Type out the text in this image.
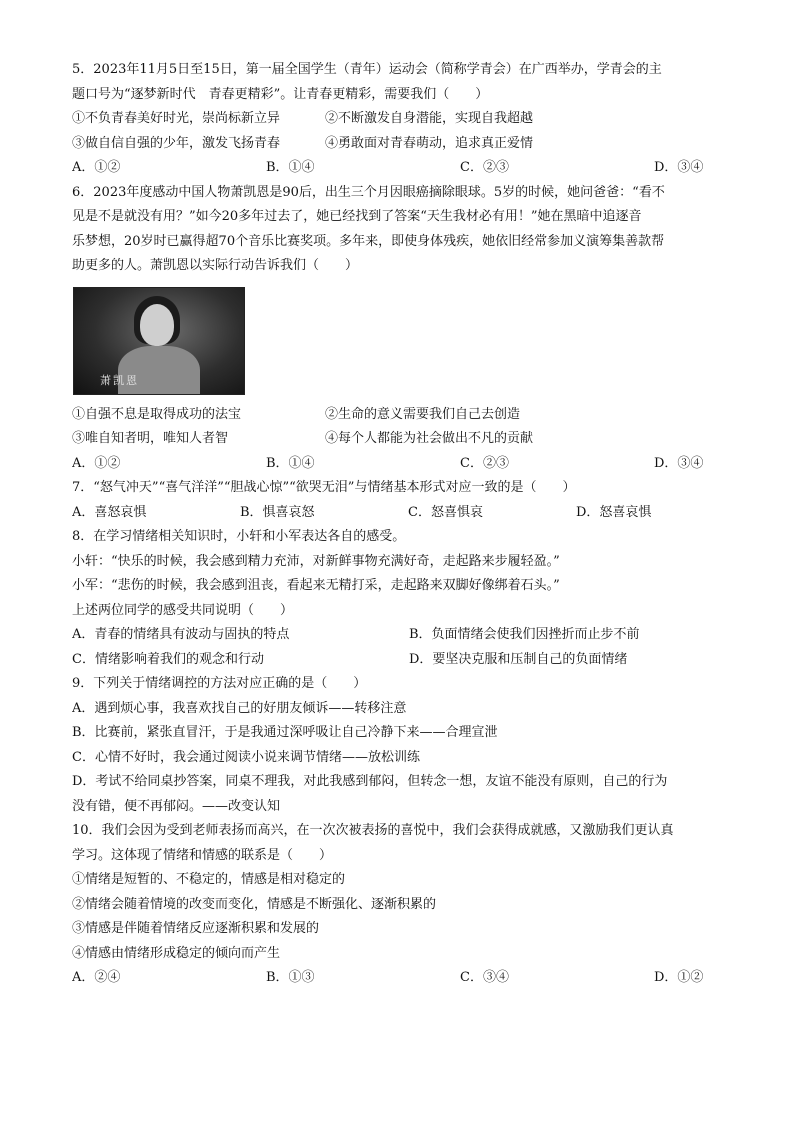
5．2023年11月5日至15日，第一届全国学生（青年）运动会（简称学青会）在广西举办，学青会的主
题口号为“逐梦新时代　青春更精彩”。让青春更精彩，需要我们（　　）
①不负青春美好时光，崇尚标新立异	②不断激发自身潜能，实现自我超越
③做自信自强的少年，激发飞扬青春	④勇敢面对青春萌动，追求真正爱情
A．①②	B．①④	C．②③	D．③④
6．2023年度感动中国人物萧凯恩是90后，出生三个月因眼癌摘除眼球。5岁的时候，她问爸爸：“看不
见是不是就没有用？”如今20多年过去了，她已经找到了答案“天生我材必有用！”她在黑暗中追逐音
乐梦想，20岁时已赢得超70个音乐比赛奖项。多年来，即使身体残疾，她依旧经常参加义演筹集善款帮
助更多的人。萧凯恩以实际行动告诉我们（　　）
萧凯恩
①自强不息是取得成功的法宝	②生命的意义需要我们自己去创造
③唯自知者明，唯知人者智	④每个人都能为社会做出不凡的贡献
A．①②	B．①④	C．②③	D．③④
7．“怒气冲天”“喜气洋洋”“胆战心惊”“欲哭无泪”与情绪基本形式对应一致的是（　　）
A．喜怒哀惧	B．惧喜哀怒	C．怒喜惧哀	D．怒喜哀惧
8．在学习情绪相关知识时，小轩和小军表达各自的感受。
小轩：“快乐的时候，我会感到精力充沛，对新鲜事物充满好奇，走起路来步履轻盈。”
小军：“悲伤的时候，我会感到沮丧，看起来无精打采，走起路来双脚好像绑着石头。”
上述两位同学的感受共同说明（　　）
A．青春的情绪具有波动与固执的特点	B．负面情绪会使我们因挫折而止步不前
C．情绪影响着我们的观念和行动	D．要坚决克服和压制自己的负面情绪
9．下列关于情绪调控的方法对应正确的是（　　）
A．遇到烦心事，我喜欢找自己的好朋友倾诉——转移注意
B．比赛前，紧张直冒汗，于是我通过深呼吸让自己冷静下来——合理宣泄
C．心情不好时，我会通过阅读小说来调节情绪——放松训练
D．考试不给同桌抄答案，同桌不理我，对此我感到郁闷，但转念一想，友谊不能没有原则，自己的行为
没有错，便不再郁闷。——改变认知
10．我们会因为受到老师表扬而高兴，在一次次被表扬的喜悦中，我们会获得成就感，又激励我们更认真
学习。这体现了情绪和情感的联系是（　　）
①情绪是短暂的、不稳定的，情感是相对稳定的
②情绪会随着情境的改变而变化，情感是不断强化、逐渐积累的
③情感是伴随着情绪反应逐渐积累和发展的
④情感由情绪形成稳定的倾向而产生
A．②④	B．①③	C．③④	D．①②
